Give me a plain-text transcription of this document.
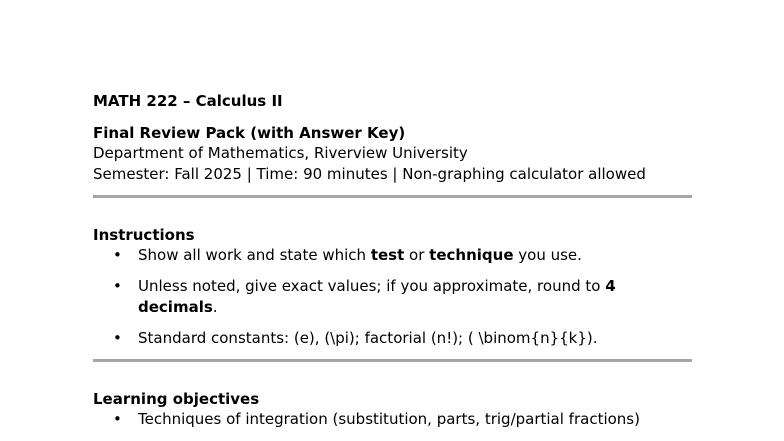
MATH 222 – Calculus II
Final Review Pack (with Answer Key)
Department of Mathematics, Riverview University
Semester: Fall 2025 | Time: 90 minutes | Non-graphing calculator allowed
Instructions
• Show all work and state which test or technique you use.
• Unless noted, give exact values; if you approximate, round to 4 decimals.
• Standard constants: (e), (\pi); factorial (n!); ( \binom{n}{k}).
Learning objectives
• Techniques of integration (substitution, parts, trig/partial fractions)
